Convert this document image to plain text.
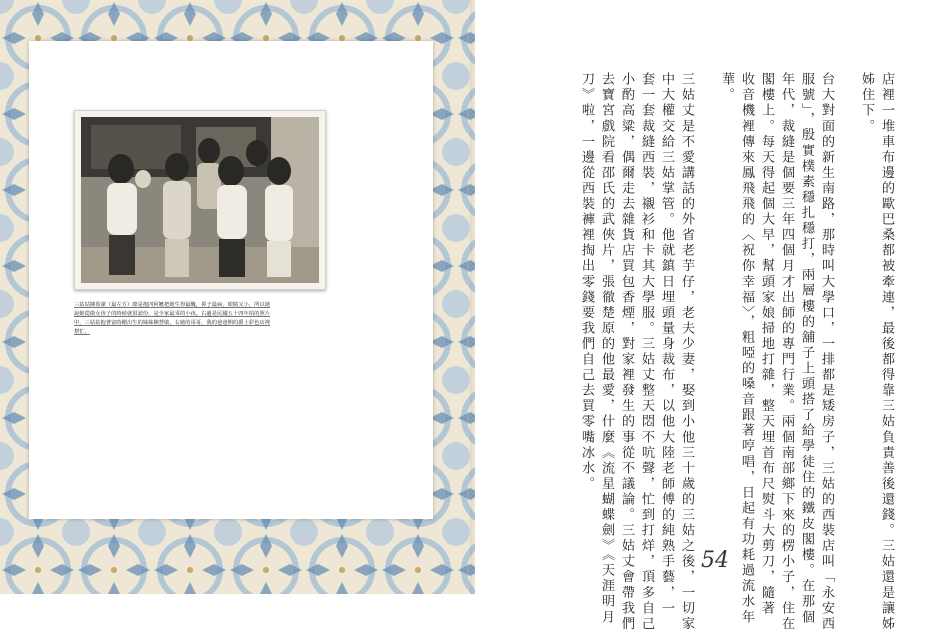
三姑姑陳盈潔（最左方）總是抱四阿嬤把她生得最醜，鼻子最扁，眼睛又小，所以她
說她從做女孩子的時候就很認份，是全家最乖的小孩。右邊是民國五十四年拍的照片
中，三姑姑抱著富時剛出生的姊姊陳慧敏，右她的哥哥，我的爸爸開的爵士彩色店裡
幫忙。	店裡一堆車布邊的歐巴桑都被牽連，最後都得靠三姑負責善後還錢。三姑還是讓姊
姊住下。
台大對面的新生南路，那時叫大學口，一排都是矮房子，三姑的西裝店叫「永安西
服號」，殷實樸素穩扎穩打，兩層樓的舖子上頭搭了給學徒住的鐵皮閣樓。在那個
年代，裁縫是個要三年四個月才出師的專門行業。兩個南部鄉下來的楞小子，住在
閣樓上。每天得起個大早，幫頭家娘掃地打雜，整天埋首布尺熨斗大剪刀，隨著
收音機裡傳來鳳飛飛的〈祝你幸福〉，粗啞的嗓音跟著哼唱，日起有功耗過流水年
華。
三姑丈是不愛講話的外省老芋仔，老夫少妻，娶到小他三十歲的三姑之後，一切家
中大權交給三姑掌管。他就鎮日埋頭量身裁布，以他大陸老師傅的純熟手藝，一
套一套裁縫西裝，襯衫和卡其大學服。三姑丈整天悶不吭聲，忙到打烊，頂多自己
小酌高粱，偶爾走去雜貨店買包香煙，對家裡發生的事從不議論。三姑丈會帶我們
去寶宮戲院看邵氏的武俠片，張徹楚原的他最愛，什麼《流星蝴蝶劍》《天涯明月
刀》啦，一邊從西裝褲裡掏出零錢要我們自己去買零嘴冰水。
54
